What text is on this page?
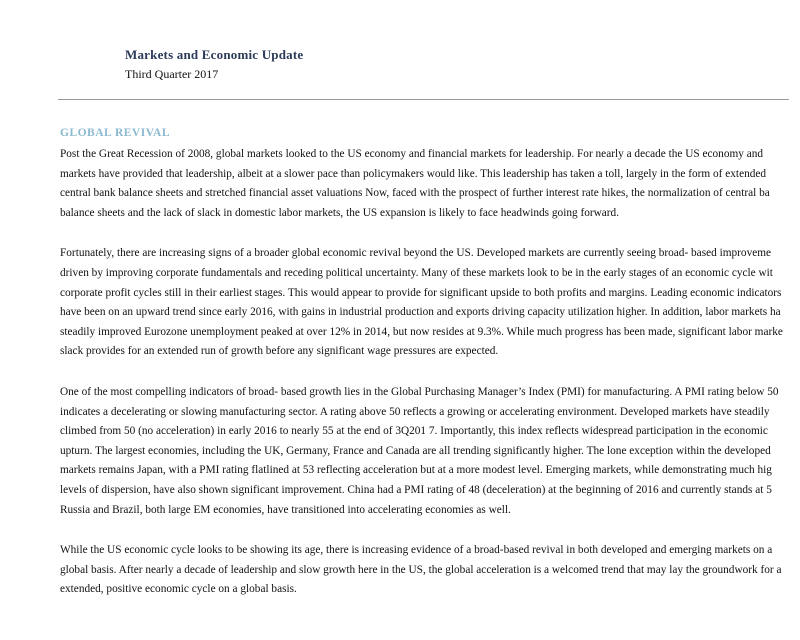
Markets and Economic Update
Third Quarter 2017
GLOBAL REVIVAL

Post the Great Recession of 2008, global markets looked to the US economy and financial markets for leadership. For nearly a decade the US economy and
markets have provided that leadership, albeit at a slower pace than policymakers would like. This leadership has taken a toll, largely in the form of extended
central bank balance sheets and stretched financial asset valuations Now, faced with the prospect of further interest rate hikes, the normalization of central ba
balance sheets and the lack of slack in domestic labor markets, the US expansion is likely to face headwinds going forward.

Fortunately, there are increasing signs of a broader global economic revival beyond the US. Developed markets are currently seeing broad- based improveme
driven by improving corporate fundamentals and receding political uncertainty. Many of these markets look to be in the early stages of an economic cycle wit
corporate profit cycles still in their earliest stages. This would appear to provide for significant upside to both profits and margins. Leading economic indicators
have been on an upward trend since early 2016, with gains in industrial production and exports driving capacity utilization higher. In addition, labor markets ha
steadily improved Eurozone unemployment peaked at over 12% in 2014, but now resides at 9.3%. While much progress has been made, significant labor marke
slack provides for an extended run of growth before any significant wage pressures are expected.

One of the most compelling indicators of broad- based growth lies in the Global Purchasing Manager’s Index (PMI) for manufacturing. A PMI rating below 50
indicates a decelerating or slowing manufacturing sector. A rating above 50 reflects a growing or accelerating environment. Developed markets have steadily
climbed from 50 (no acceleration) in early 2016 to nearly 55 at the end of 3Q201 7. Importantly, this index reflects widespread participation in the economic
upturn. The largest economies, including the UK, Germany, France and Canada are all trending significantly higher. The lone exception within the developed
markets remains Japan, with a PMI rating flatlined at 53 reflecting acceleration but at a more modest level. Emerging markets, while demonstrating much hig
levels of dispersion, have also shown significant improvement. China had a PMI rating of 48 (deceleration) at the beginning of 2016 and currently stands at 5
Russia and Brazil, both large EM economies, have transitioned into accelerating economies as well.

While the US economic cycle looks to be showing its age, there is increasing evidence of a broad-based revival in both developed and emerging markets on a
global basis. After nearly a decade of leadership and slow growth here in the US, the global acceleration is a welcomed trend that may lay the groundwork for a
extended, positive economic cycle on a global basis.
